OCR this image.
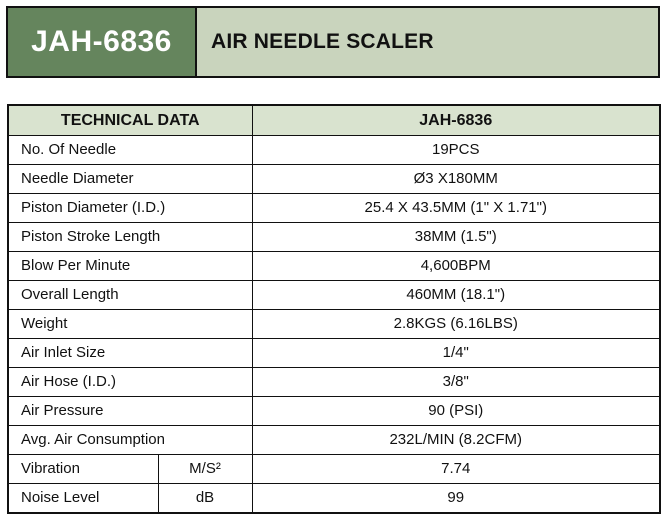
JAH-6836 AIR NEEDLE SCALER
TECHNICAL DATA		JAH-6836
No. Of Needle		19PCS
Needle Diameter		Ø3 X180MM
Piston Diameter (I.D.)		25.4 X 43.5MM (1" X 1.71")
Piston Stroke Length		38MM (1.5")
Blow Per Minute		4,600BPM
Overall Length		460MM (18.1")
Weight		2.8KGS (6.16LBS)
Air Inlet Size		1/4"
Air Hose (I.D.)		3/8"
Air Pressure		90 (PSI)
Avg. Air Consumption		232L/MIN (8.2CFM)
Vibration	M/S²	7.74
Noise Level	dB	99
